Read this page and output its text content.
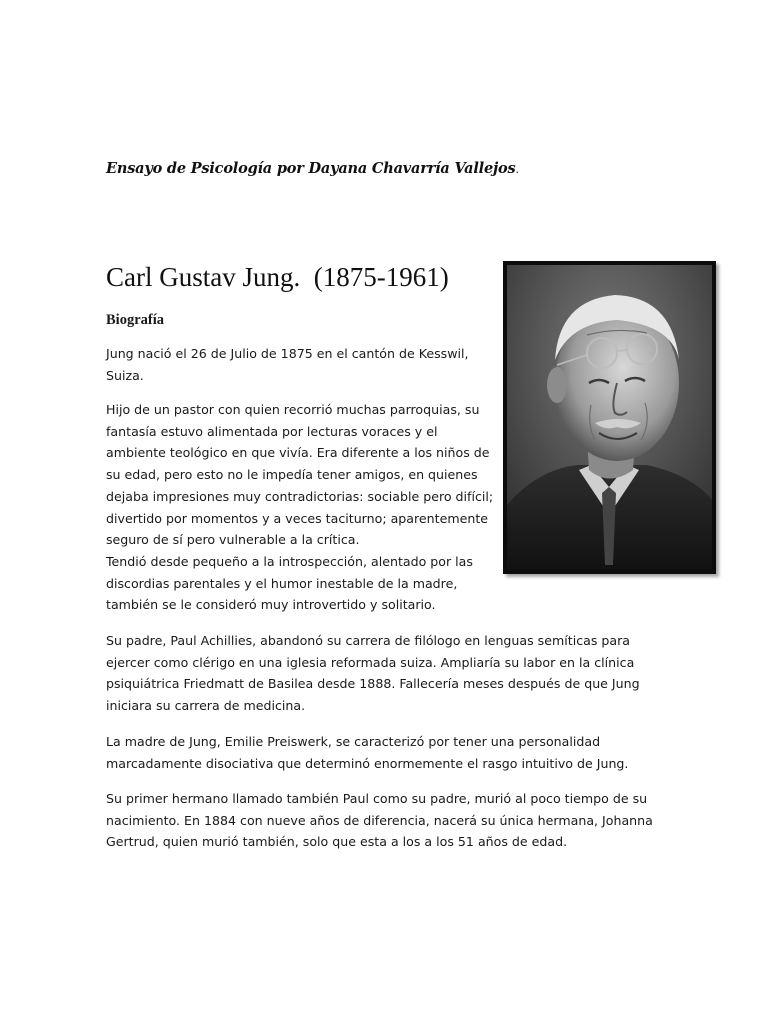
Ensayo de Psicología por Dayana Chavarría Vallejos.
Carl Gustav Jung.  (1875-1961)
Biografía

Jung nació el 26 de Julio de 1875 en el cantón de Kesswil, Suiza.

Hijo de un pastor con quien recorrió muchas parroquias, su fantasía estuvo alimentada por lecturas voraces y el ambiente teológico en que vivía. Era diferente a los niños de su edad, pero esto no le impedía tener amigos, en quienes dejaba impresiones muy contradictorias: sociable pero difícil; divertido por momentos y a veces taciturno; aparentemente seguro de sí pero vulnerable a la crítica.
Tendió desde pequeño a la introspección, alentado por las discordias parentales y el humor inestable de la madre, también se le consideró muy introvertido y solitario.

Su padre, Paul Achillies, abandonó su carrera de filólogo en lenguas semíticas para ejercer como clérigo en una iglesia reformada suiza. Ampliaría su labor en la clínica psiquiátrica Friedmatt de Basilea desde 1888. Fallecería meses después de que Jung iniciara su carrera de medicina.

La madre de Jung, Emilie Preiswerk, se caracterizó por tener una personalidad marcadamente disociativa que determinó enormemente el rasgo intuitivo de Jung.

Su primer hermano llamado también Paul como su padre, murió al poco tiempo de su nacimiento. En 1884 con nueve años de diferencia, nacerá su única hermana, Johanna Gertrud, quien murió también, solo que esta a los a los 51 años de edad.
